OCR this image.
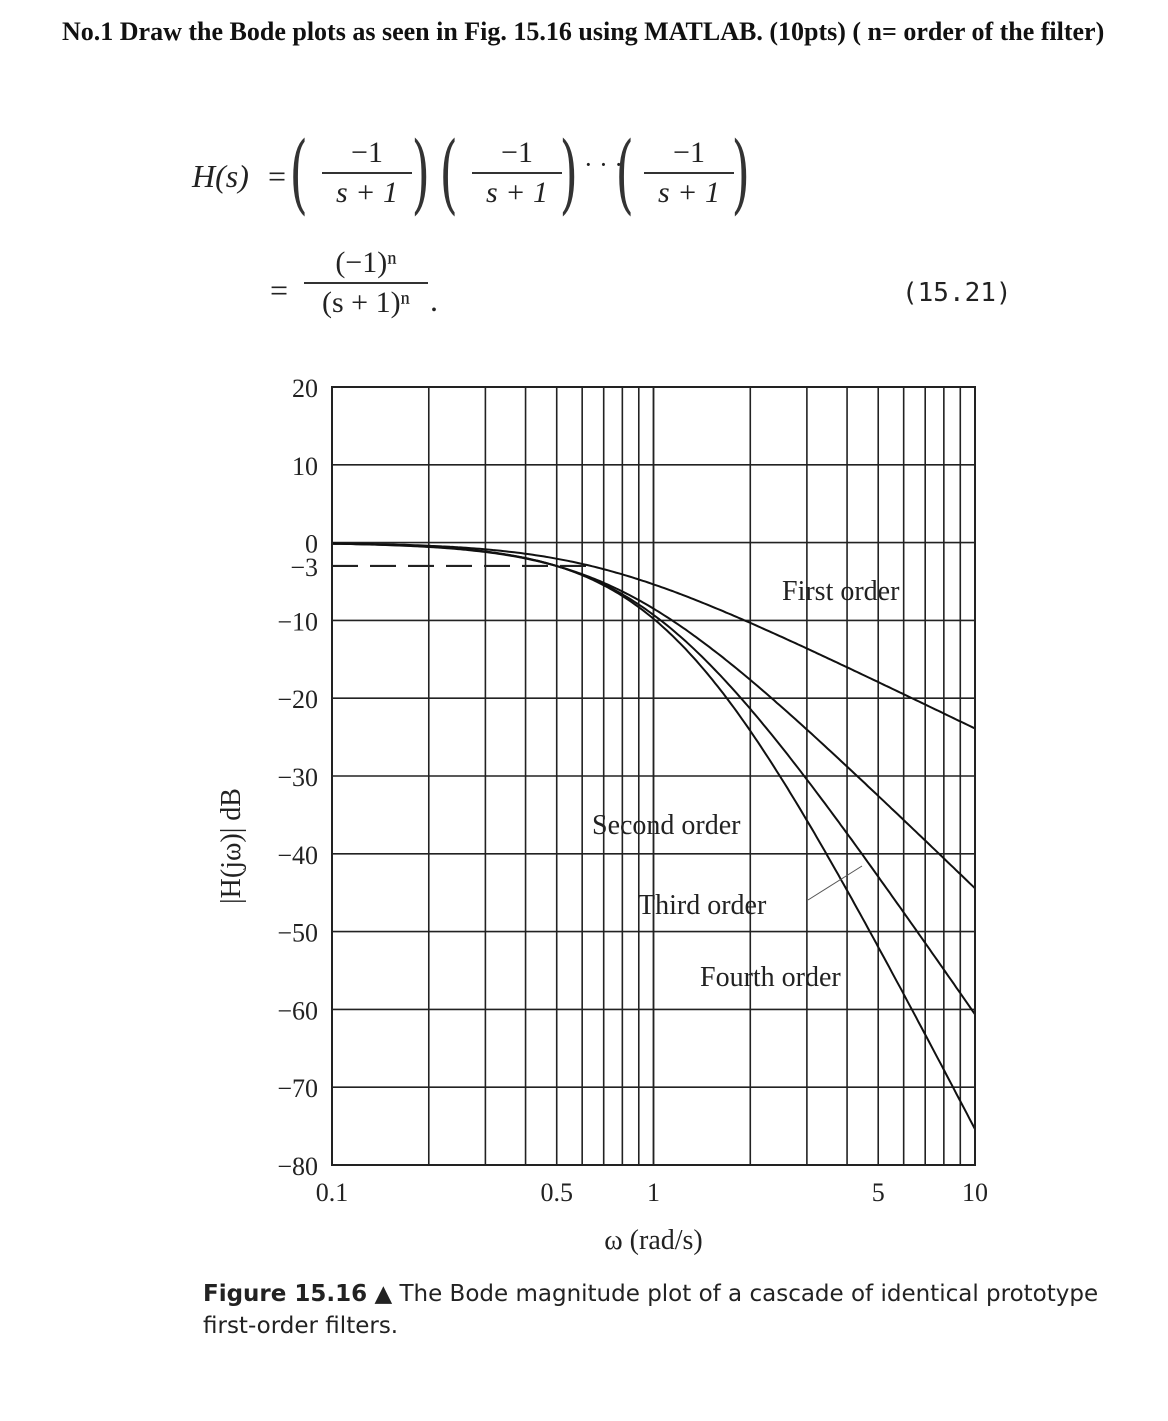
No.1 Draw the Bode plots as seen in Fig. 15.16 using MATLAB. (10pts) ( n= order of the filter)

H(s) = (	−1
s + 1 ) (	−1
s + 1 ) · · ·
(	−1
s + 1 )
=
(−1)ⁿ
(s + 1)ⁿ .	(15.21)
20
10
0
−3
−10
−20
−30
−40
−50
−60
−70
−80
0.1	0.5	1	5	10
ω (rad/s)
|H(jω)| dB
First order
Second order
Third order
Fourth order
Figure 15.16 ▲ The Bode magnitude plot of a cascade of identical prototype first-order filters.
